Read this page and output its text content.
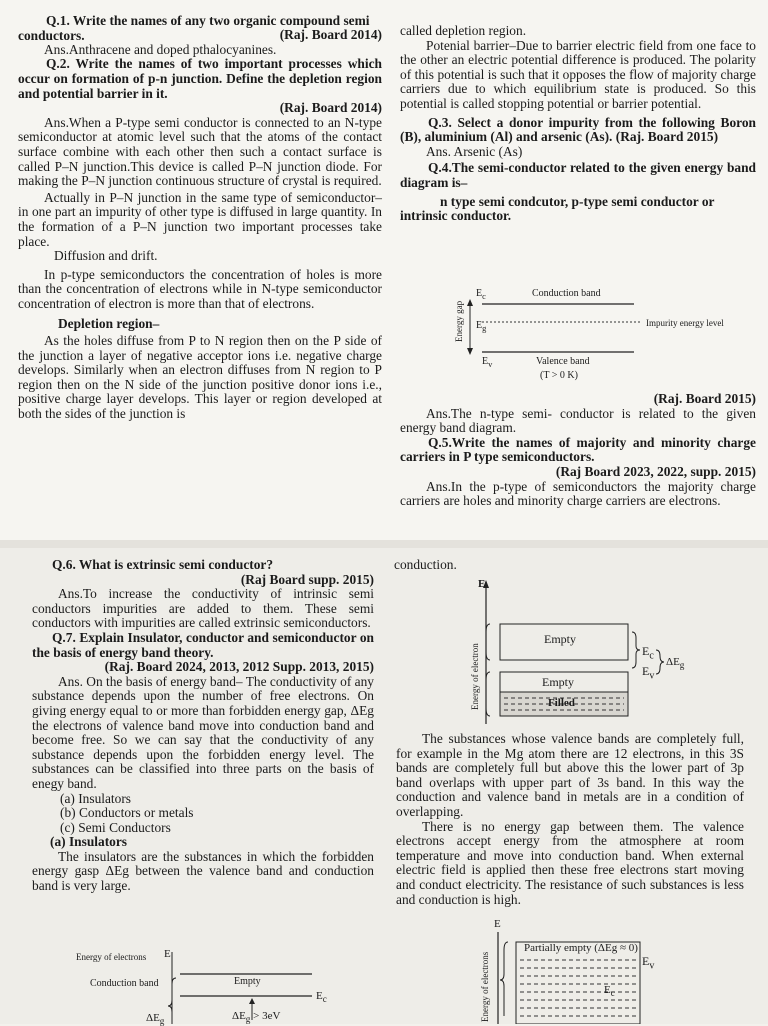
Q.1. Write the names of any two organic compound semi conductors.	(Raj. Board 2014)

Ans.Anthracene and doped pthalocyanines.

Q.2. Write the names of two important processes which occur on formation of p-n junction. Define the depletion region and potential barrier in it.

(Raj. Board 2014)

Ans.When a P-type semi conductor is connected to an N-type semiconductor at atomic level such that the atoms of the contact surface combine with each other then such a contact surface is called P–N junction.This device is called P–N junction diode. For making the P–N junction continuous structure of crystal is required.

Actually in P–N junction in the same type of semiconductor– in one part an impurity of other type is diffused in large quantity. In the formation of a P–N junction two important processes take place.

Diffusion and drift.

In p-type semiconductors the concentration of holes is more than the concentration of electrons while in N-type semiconductor concentration of electron is more than that of electrons.

Depletion region–

As the holes diffuse from P to N region then on the P side of the junction a layer of negative acceptor ions i.e. negative charge develops. Similarly when an electron diffuses from N region to P region then on the N side of the junction positive donor ions i.e., positive charge layer develops. This layer or region developed at both the sides of the junction is

called depletion region.

Potenial barrier–Due to barrier electric field from one face to the other an electric potential difference is produced. The polarity of this potential is such that it opposes the flow of majority charge carriers due to which equilibrium state is produced. So this potential is called stopping potential or barrier potential.

Q.3. Select a donor impurity from the following Boron (B), aluminium (Al) and arsenic (As). (Raj. Board 2015)

Ans. Arsenic (As)

Q.4.The semi-conductor related to the given energy band diagram is–

n type semi condcutor, p-type semi conductor or intrinsic conductor.

Energy gap
$E_c$
$E_g$
$E_v$
Conduction band
Impurity energy level
Valence band
(T > 0 K)

(Raj. Board 2015)

Ans.The n-type semi- conductor is related to the given energy band diagram.

Q.5.Write the names of majority and minority charge carriers in P type semiconductors.

(Raj Board 2023, 2022, supp. 2015)

Ans.In the p-type of semiconductors the majority charge carriers are holes and minority charge carriers are electrons.

Q.6. What is extrinsic semi conductor?

(Raj Board supp. 2015)

Ans.To increase the conductivity of intrinsic semi conductors impurities are added to them. These semi conductors with impurities are called extrinsic semiconductors.

Q.7. Explain Insulator, conductor and semiconductor on the basis of energy band theory.

(Raj. Board 2024, 2013, 2012 Supp. 2013, 2015)

Ans. On the basis of energy band– The conductivity of any substance depends upon the number of free electrons. On giving energy equal to or more than forbidden energy gap, ΔEg the electrons of valence band move into conduction band and become free. So we can say that the conductivity of any substance depends upon the forbidden energy level. The substances can be classified into three parts on the basis of enegy band.

(a) Insulators

(b) Conductors or metals

(c) Semi Conductors

(a) Insulators

The insulators are the substances in which the forbidden energy gasp ΔEg between the valence band and conduction band is very large.

Energy of electrons E
Conduction band	Empty
$E_c$
$\Delta E_g$	$\Delta E_g > 3eV$

conduction.

Energy of electron
E
Empty
Empty
Filled
$E_c$
$E_v$
$\Delta E_g$

The substances whose valence bands are completely full, for example in the Mg atom there are 12 electrons, in this 3S bands are completely full but above this the lower part of 3p band overlaps with upper part of 3s band. In this way the conduction and valence band in metals are in a condition of overlapping.

There is no energy gap between them. The valence electrons accept energy from the atmosphere at room temperature and move into conduction band. When external electric field is applied then these free electrons start moving and conduct electricity. The resistance of such substances is less and conduction is high.

E
Energy of electrons
Partially empty (ΔEg ≈ 0)
$E_v$
$E_c$
